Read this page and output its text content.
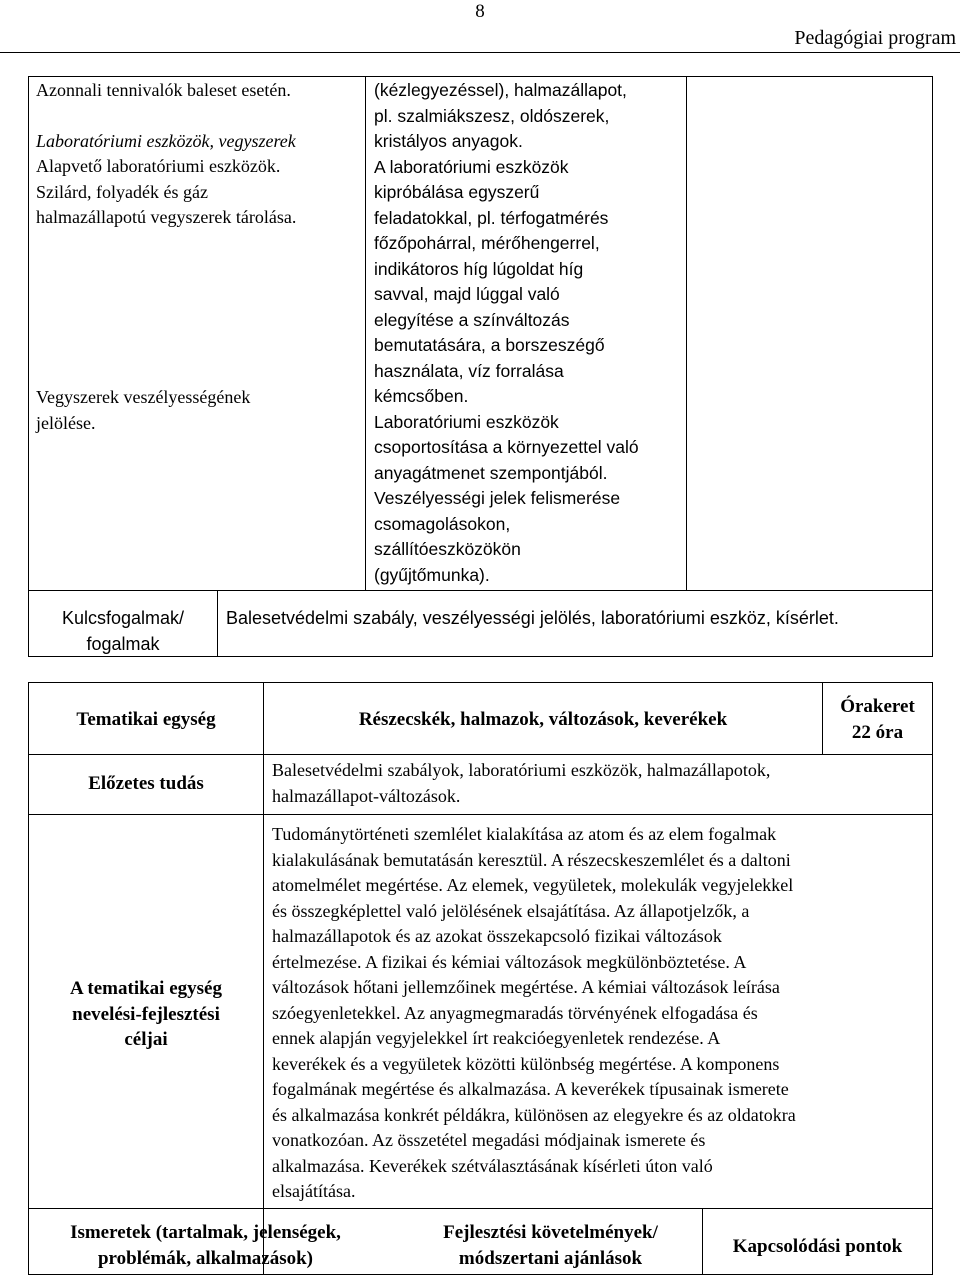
8
Pedagógiai program

Azonnali tennivalók baleset esetén.

Laboratóriumi eszközök, vegyszerek

Alapvető laboratóriumi eszközök.

Szilárd, folyadék és gáz

halmazállapotú vegyszerek tárolása.

Vegyszerek veszélyességének

jelölése.

(kézlegyezéssel), halmazállapot,

pl. szalmiákszesz, oldószerek,

kristályos anyagok.

A laboratóriumi eszközök

kipróbálása egyszerű

feladatokkal, pl. térfogatmérés

főzőpohárral, mérőhengerrel,

indikátoros híg lúgoldat híg

savval, majd lúggal való

elegyítése a színváltozás

bemutatására, a borszeszégő

használata, víz forralása

kémcsőben.

Laboratóriumi eszközök

csoportosítása a környezettel való

anyagátmenet szempontjából.

Veszélyességi jelek felismerése

csomagolásokon,

szállítóeszközökön

(gyűjtőmunka).

Kulcsfogalmak/

fogalmak

Balesetvédelmi szabály, veszélyességi jelölés, laboratóriumi eszköz, kísérlet.
Tematikai egység	Részecskék, halmazok, változások, keverékek

Órakeret

22 óra

Előzetes tudás

Balesetvédelmi szabályok, laboratóriumi eszközök, halmazállapotok,

halmazállapot-változások.

A tematikai egység

nevelési-fejlesztési

céljai

Tudománytörténeti szemlélet kialakítása az atom és az elem fogalmak

kialakulásának bemutatásán keresztül. A részecskeszemlélet és a daltoni

atomelmélet megértése. Az elemek, vegyületek, molekulák vegyjelekkel

és összegképlettel való jelölésének elsajátítása. Az állapotjelzők, a

halmazállapotok és az azokat összekapcsoló fizikai változások

értelmezése. A fizikai és kémiai változások megkülönböztetése. A

változások hőtani jellemzőinek megértése. A kémiai változások leírása

szóegyenletekkel. Az anyagmegmaradás törvényének elfogadása és

ennek alapján vegyjelekkel írt reakcióegyenletek rendezése. A

keverékek és a vegyületek közötti különbség megértése. A komponens

fogalmának megértése és alkalmazása. A keverékek típusainak ismerete

és alkalmazása konkrét példákra, különösen az elegyekre és az oldatokra

vonatkozóan. Az összetétel megadási módjainak ismerete és

alkalmazása. Keverékek szétválasztásának kísérleti úton való

elsajátítása.

Ismeretek (tartalmak, jelenségek,

problémák, alkalmazások)

Fejlesztési követelmények/

módszertani ajánlások

Kapcsolódási pontok
